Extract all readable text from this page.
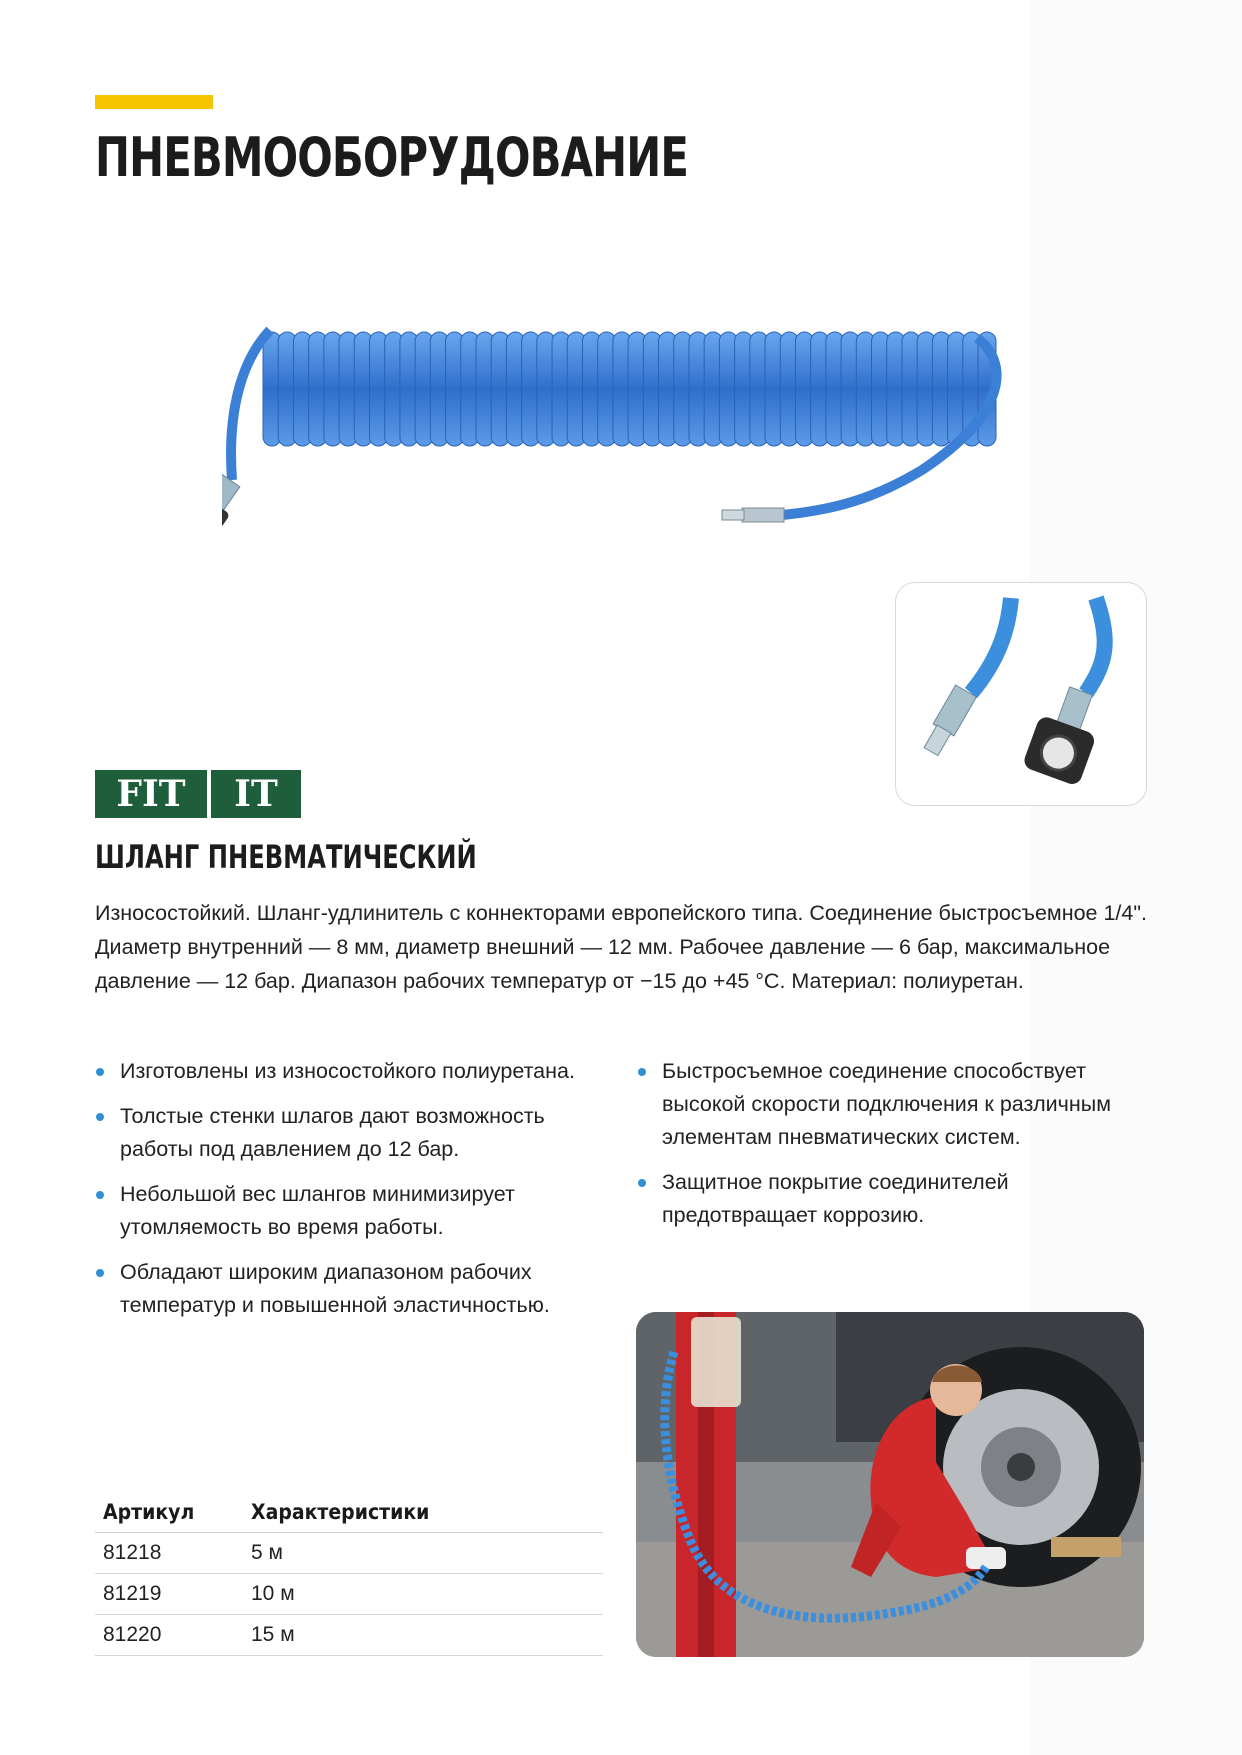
ПНЕВМООБОРУДОВАНИЕ
FIT IT
ШЛАНГ ПНЕВМАТИЧЕСКИЙ

Износостойкий. Шланг-удлинитель с коннекторами европейского типа. Соединение быстросъемное 1/4". Диаметр внутренний — 8 мм, диаметр внешний — 12 мм. Рабочее давление — 6 бар, максимальное давление — 12 бар. Диапазон рабочих температур от −15 до +45 °C. Материал: полиуретан.

Изготовлены из износостойкого полиуретана.
Толстые стенки шлагов дают возможность работы под давлением до 12 бар.
Небольшой вес шлангов минимизирует утомляемость во время работы.
Обладают широким диапазоном рабочих температур и повышенной эластичностью.
Быстросъемное соединение способствует высокой скорости подключения к различным элементам пневматических систем.
Защитное покрытие соединителей предотвращает коррозию.
Артикул	Характеристики
81218	5 м
81219	10 м
81220	15 м
